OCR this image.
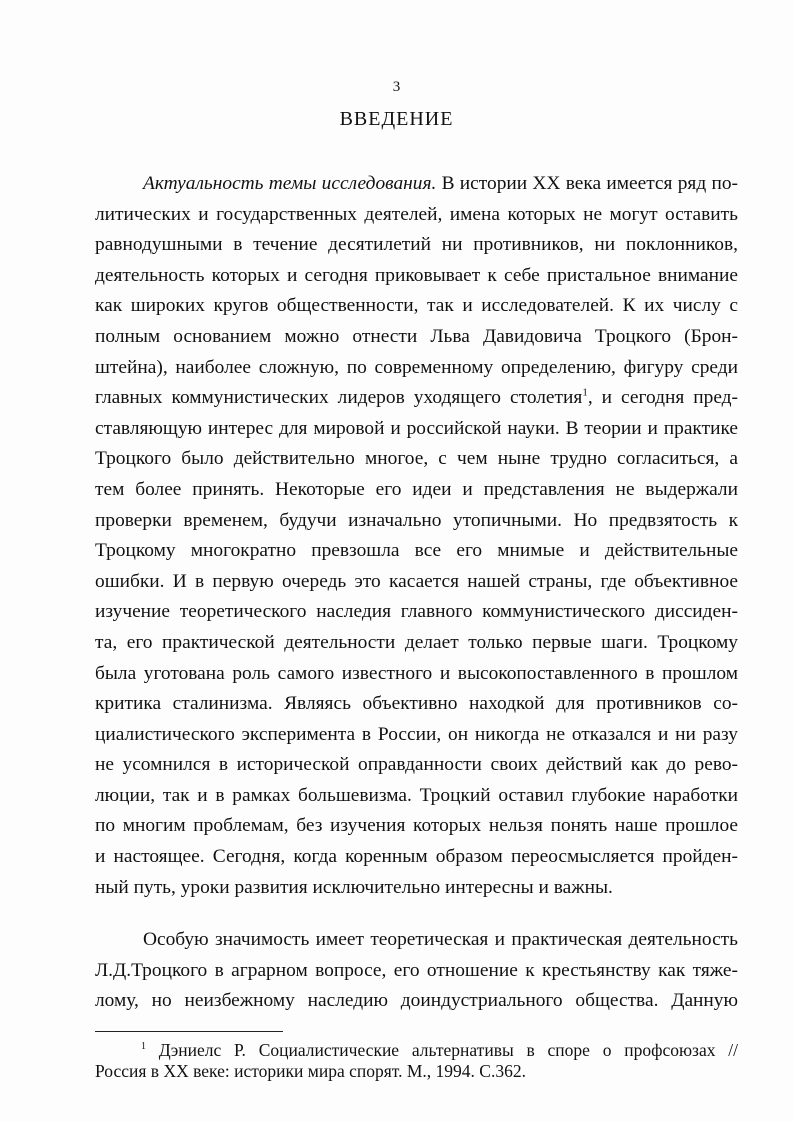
3
ВВЕДЕНИЕ
Актуальность темы исследования. В истории XX века имеется ряд по-
литических и государственных деятелей, имена которых не могут оставить
равнодушными в течение десятилетий ни противников, ни поклонников,
деятельность которых и сегодня приковывает к себе пристальное внимание
как широких кругов общественности, так и исследователей. К их числу с
полным основанием можно отнести Льва Давидовича Троцкого (Брон-
штейна), наиболее сложную, по современному определению, фигуру среди
главных коммунистических лидеров уходящего столетия$^1$, и сегодня пред-
ставляющую интерес для мировой и российской науки. В теории и практике
Троцкого было действительно многое, с чем ныне трудно согласиться, а
тем более принять. Некоторые его идеи и представления не выдержали
проверки временем, будучи изначально утопичными. Но предвзятость к
Троцкому многократно превзошла все его мнимые и действительные
ошибки. И в первую очередь это касается нашей страны, где объективное
изучение теоретического наследия главного коммунистического диссиден-
та, его практической деятельности делает только первые шаги. Троцкому
была уготована роль самого известного и высокопоставленного в прошлом
критика сталинизма. Являясь объективно находкой для противников со-
циалистического эксперимента в России, он никогда не отказался и ни разу
не усомнился в исторической оправданности своих действий как до рево-
люции, так и в рамках большевизма. Троцкий оставил глубокие наработки
по многим проблемам, без изучения которых нельзя понять наше прошлое
и настоящее. Сегодня, когда коренным образом переосмысляется пройден-
ный путь, уроки развития исключительно интересны и важны.
Особую значимость имеет теоретическая и практическая деятельность
Л.Д.Троцкого в аграрном вопросе, его отношение к крестьянству как тяже-
лому, но неизбежному наследию доиндустриального общества. Данную
$^1$ Дэниелс Р. Социалистические альтернативы в споре о профсоюзах //
Россия в XX веке: историки мира спорят. М., 1994. С.362.
